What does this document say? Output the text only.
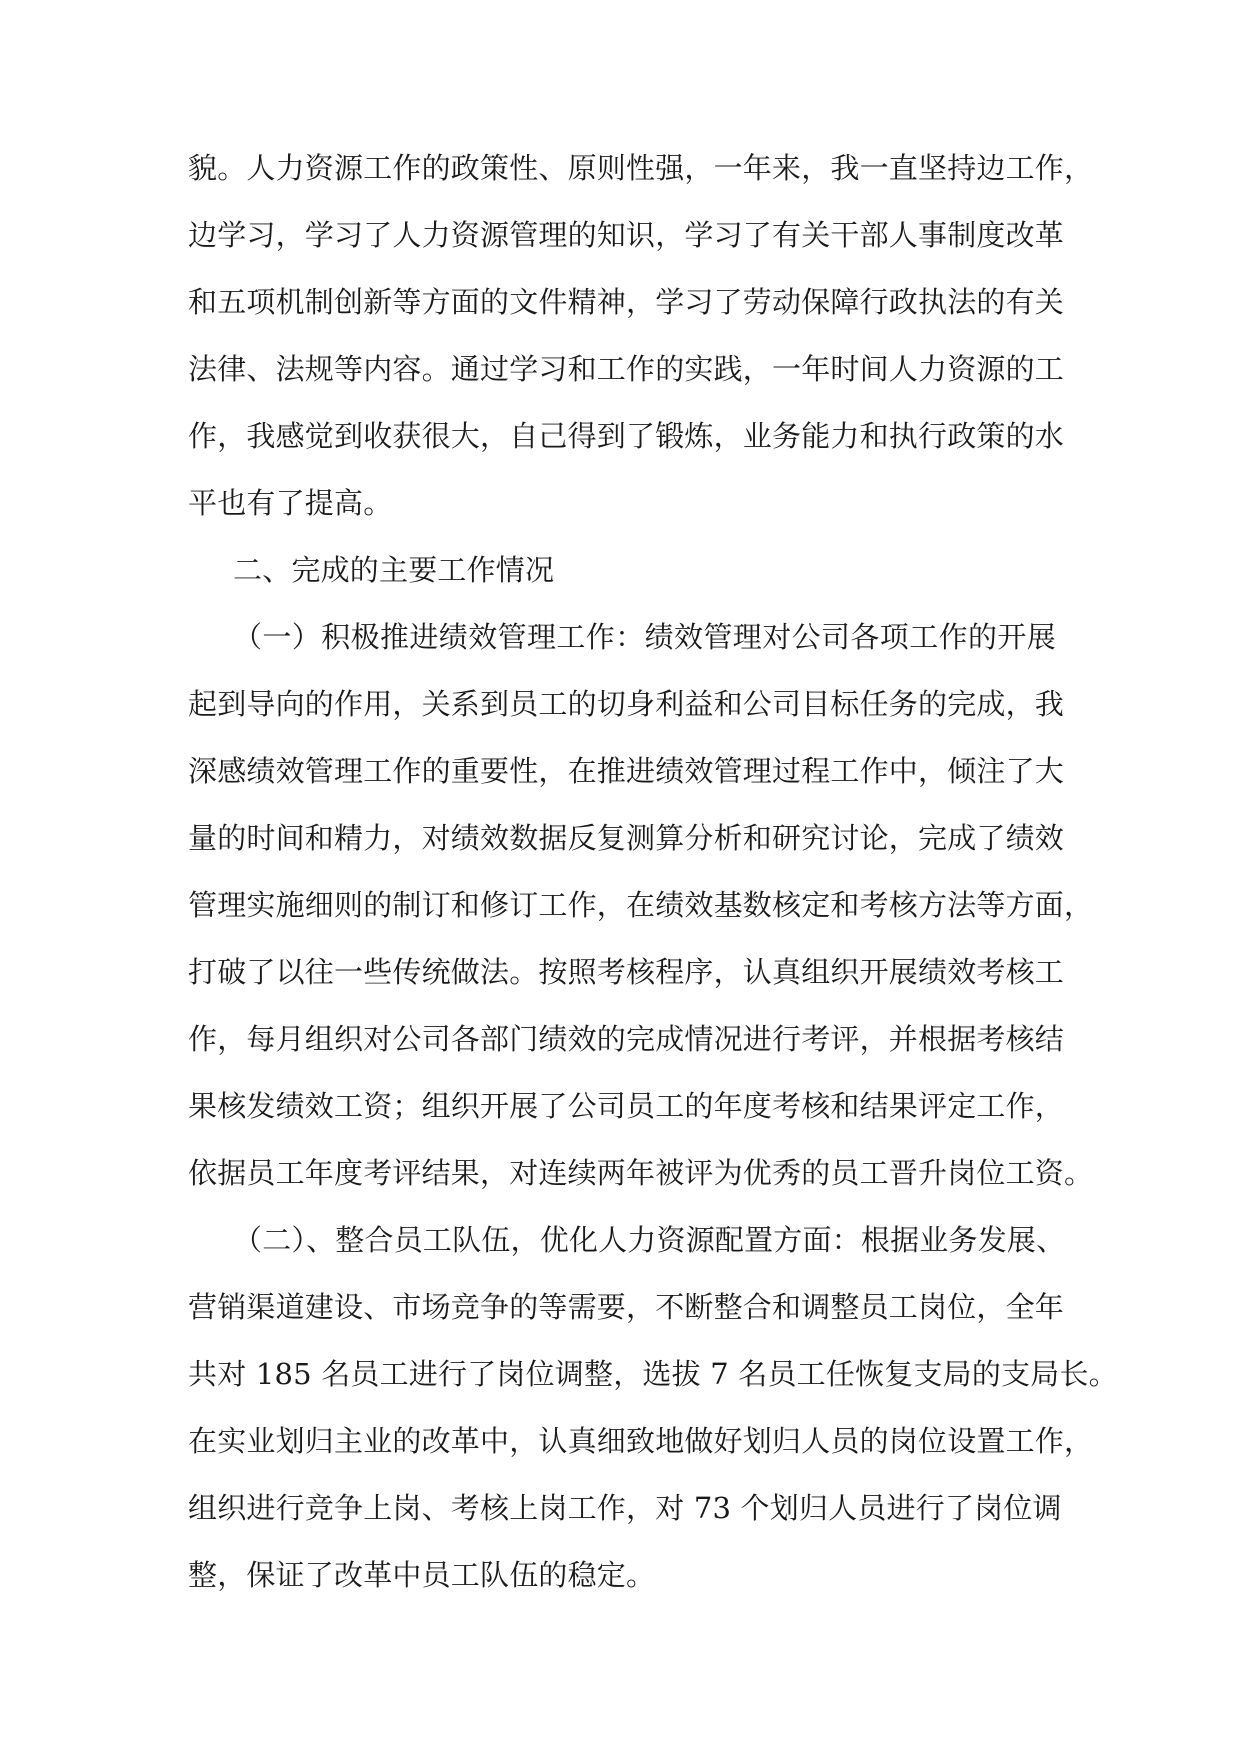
貌。人力资源工作的政策性、原则性强，一年来，我一直坚持边工作，
边学习，学习了人力资源管理的知识，学习了有关干部人事制度改革
和五项机制创新等方面的文件精神，学习了劳动保障行政执法的有关
法律、法规等内容。通过学习和工作的实践，一年时间人力资源的工
作，我感觉到收获很大，自己得到了锻炼，业务能力和执行政策的水
平也有了提高。
二、完成的主要工作情况
（一）积极推进绩效管理工作：绩效管理对公司各项工作的开展
起到导向的作用，关系到员工的切身利益和公司目标任务的完成，我
深感绩效管理工作的重要性，在推进绩效管理过程工作中，倾注了大
量的时间和精力，对绩效数据反复测算分析和研究讨论，完成了绩效
管理实施细则的制订和修订工作，在绩效基数核定和考核方法等方面，
打破了以往一些传统做法。按照考核程序，认真组织开展绩效考核工
作，每月组织对公司各部门绩效的完成情况进行考评，并根据考核结
果核发绩效工资；组织开展了公司员工的年度考核和结果评定工作，
依据员工年度考评结果，对连续两年被评为优秀的员工晋升岗位工资。
（二）、整合员工队伍，优化人力资源配置方面：根据业务发展、
营销渠道建设、市场竞争的等需要，不断整合和调整员工岗位，全年
共对 185 名员工进行了岗位调整，选拔 7 名员工任恢复支局的支局长。
在实业划归主业的改革中，认真细致地做好划归人员的岗位设置工作，
组织进行竞争上岗、考核上岗工作，对 73 个划归人员进行了岗位调
整，保证了改革中员工队伍的稳定。
